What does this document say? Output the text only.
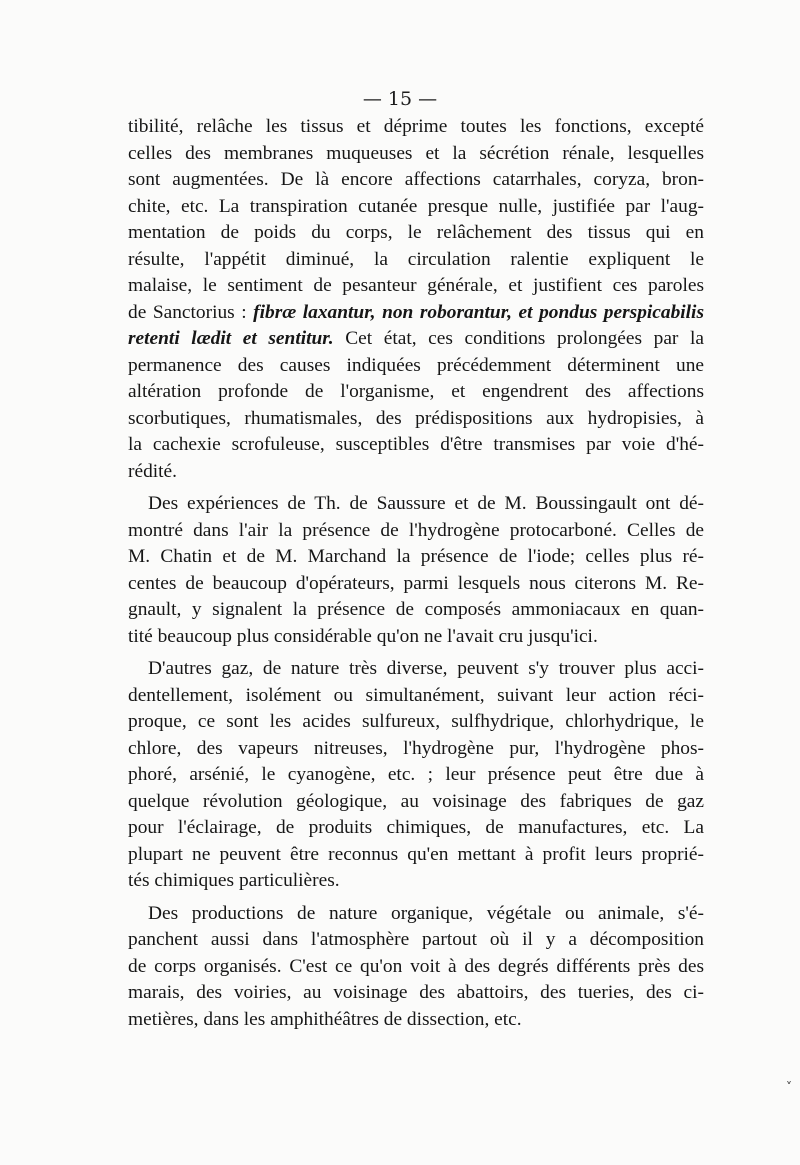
— 15 —
tibilité, relâche les tissus et déprime toutes les fonctions, excepté
celles des membranes muqueuses et la sécrétion rénale, lesquelles
sont augmentées. De là encore affections catarrhales, coryza, bron-
chite, etc. La transpiration cutanée presque nulle, justifiée par l'aug-
mentation de poids du corps, le relâchement des tissus qui en
résulte, l'appétit diminué, la circulation ralentie expliquent le
malaise, le sentiment de pesanteur générale, et justifient ces paroles
de Sanctorius : fibræ laxantur, non roborantur, et pondus perspicabilis
retenti lædit et sentitur. Cet état, ces conditions prolongées par la
permanence des causes indiquées précédemment déterminent une
altération profonde de l'organisme, et engendrent des affections
scorbutiques, rhumatismales, des prédispositions aux hydropisies, à
la cachexie scrofuleuse, susceptibles d'être transmises par voie d'hé-
rédité.
Des expériences de Th. de Saussure et de M. Boussingault ont dé-
montré dans l'air la présence de l'hydrogène protocarboné. Celles de
M. Chatin et de M. Marchand la présence de l'iode; celles plus ré-
centes de beaucoup d'opérateurs, parmi lesquels nous citerons M. Re-
gnault, y signalent la présence de composés ammoniacaux en quan-
tité beaucoup plus considérable qu'on ne l'avait cru jusqu'ici.
D'autres gaz, de nature très diverse, peuvent s'y trouver plus acci-
dentellement, isolément ou simultanément, suivant leur action réci-
proque, ce sont les acides sulfureux, sulfhydrique, chlorhydrique, le
chlore, des vapeurs nitreuses, l'hydrogène pur, l'hydrogène phos-
phoré, arsénié, le cyanogène, etc. ; leur présence peut être due à
quelque révolution géologique, au voisinage des fabriques de gaz
pour l'éclairage, de produits chimiques, de manufactures, etc. La
plupart ne peuvent être reconnus qu'en mettant à profit leurs proprié-
tés chimiques particulières.
Des productions de nature organique, végétale ou animale, s'é-
panchent aussi dans l'atmosphère partout où il y a décomposition
de corps organisés. C'est ce qu'on voit à des degrés différents près des
marais, des voiries, au voisinage des abattoirs, des tueries, des ci-
metières, dans les amphithéâtres de dissection, etc.
˅
